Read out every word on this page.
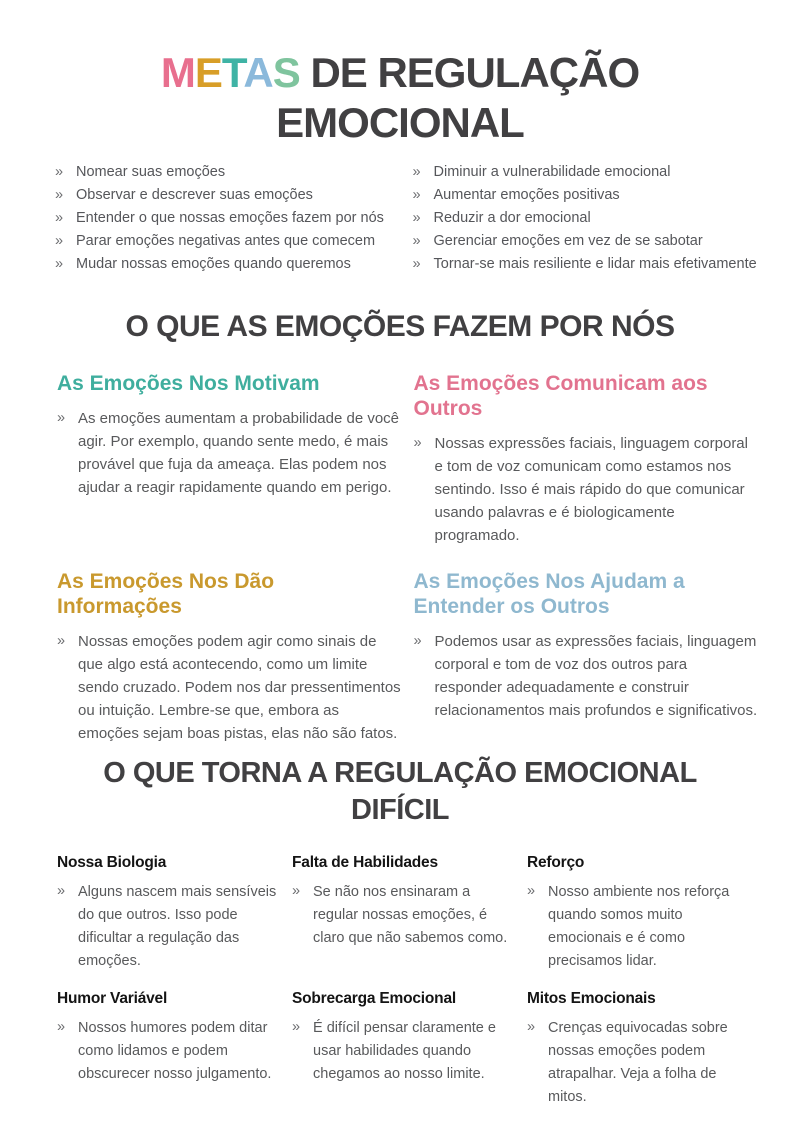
METAS DE REGULAÇÃO EMOCIONAL
» Nomear suas emoções
» Observar e descrever suas emoções
» Entender o que nossas emoções fazem por nós
» Parar emoções negativas antes que comecem
» Mudar nossas emoções quando queremos
» Diminuir a vulnerabilidade emocional
» Aumentar emoções positivas
» Reduzir a dor emocional
» Gerenciar emoções em vez de se sabotar
» Tornar-se mais resiliente e lidar mais efetivamente
O QUE AS EMOÇÕES FAZEM POR NÓS
As Emoções Nos Motivam
» As emoções aumentam a probabilidade de você agir. Por exemplo, quando sente medo, é mais provável que fuja da ameaça. Elas podem nos ajudar a reagir rapidamente quando em perigo.

As Emoções Comunicam aos Outros
» Nossas expressões faciais, linguagem corporal e tom de voz comunicam como estamos nos sentindo. Isso é mais rápido do que comunicar usando palavras e é biologicamente programado.

As Emoções Nos Dão Informações
» Nossas emoções podem agir como sinais de que algo está acontecendo, como um limite sendo cruzado. Podem nos dar pressentimentos ou intuição. Lembre-se que, embora as emoções sejam boas pistas, elas não são fatos.

As Emoções Nos Ajudam a Entender os Outros
» Podemos usar as expressões faciais, linguagem corporal e tom de voz dos outros para responder adequadamente e construir relacionamentos mais profundos e significativos.

O QUE TORNA A REGULAÇÃO EMOCIONAL DIFÍCIL
Nossa Biologia
» Alguns nascem mais sensíveis do que outros. Isso pode dificultar a regulação das emoções.

Falta de Habilidades
» Se não nos ensinaram a regular nossas emoções, é claro que não sabemos como.

Reforço
» Nosso ambiente nos reforça quando somos muito emocionais e é como precisamos lidar.

Humor Variável
» Nossos humores podem ditar como lidamos e podem obscurecer nosso julgamento.

Sobrecarga Emocional
» É difícil pensar claramente e usar habilidades quando chegamos ao nosso limite.

Mitos Emocionais
» Crenças equivocadas sobre nossas emoções podem atrapalhar. Veja a folha de mitos.
